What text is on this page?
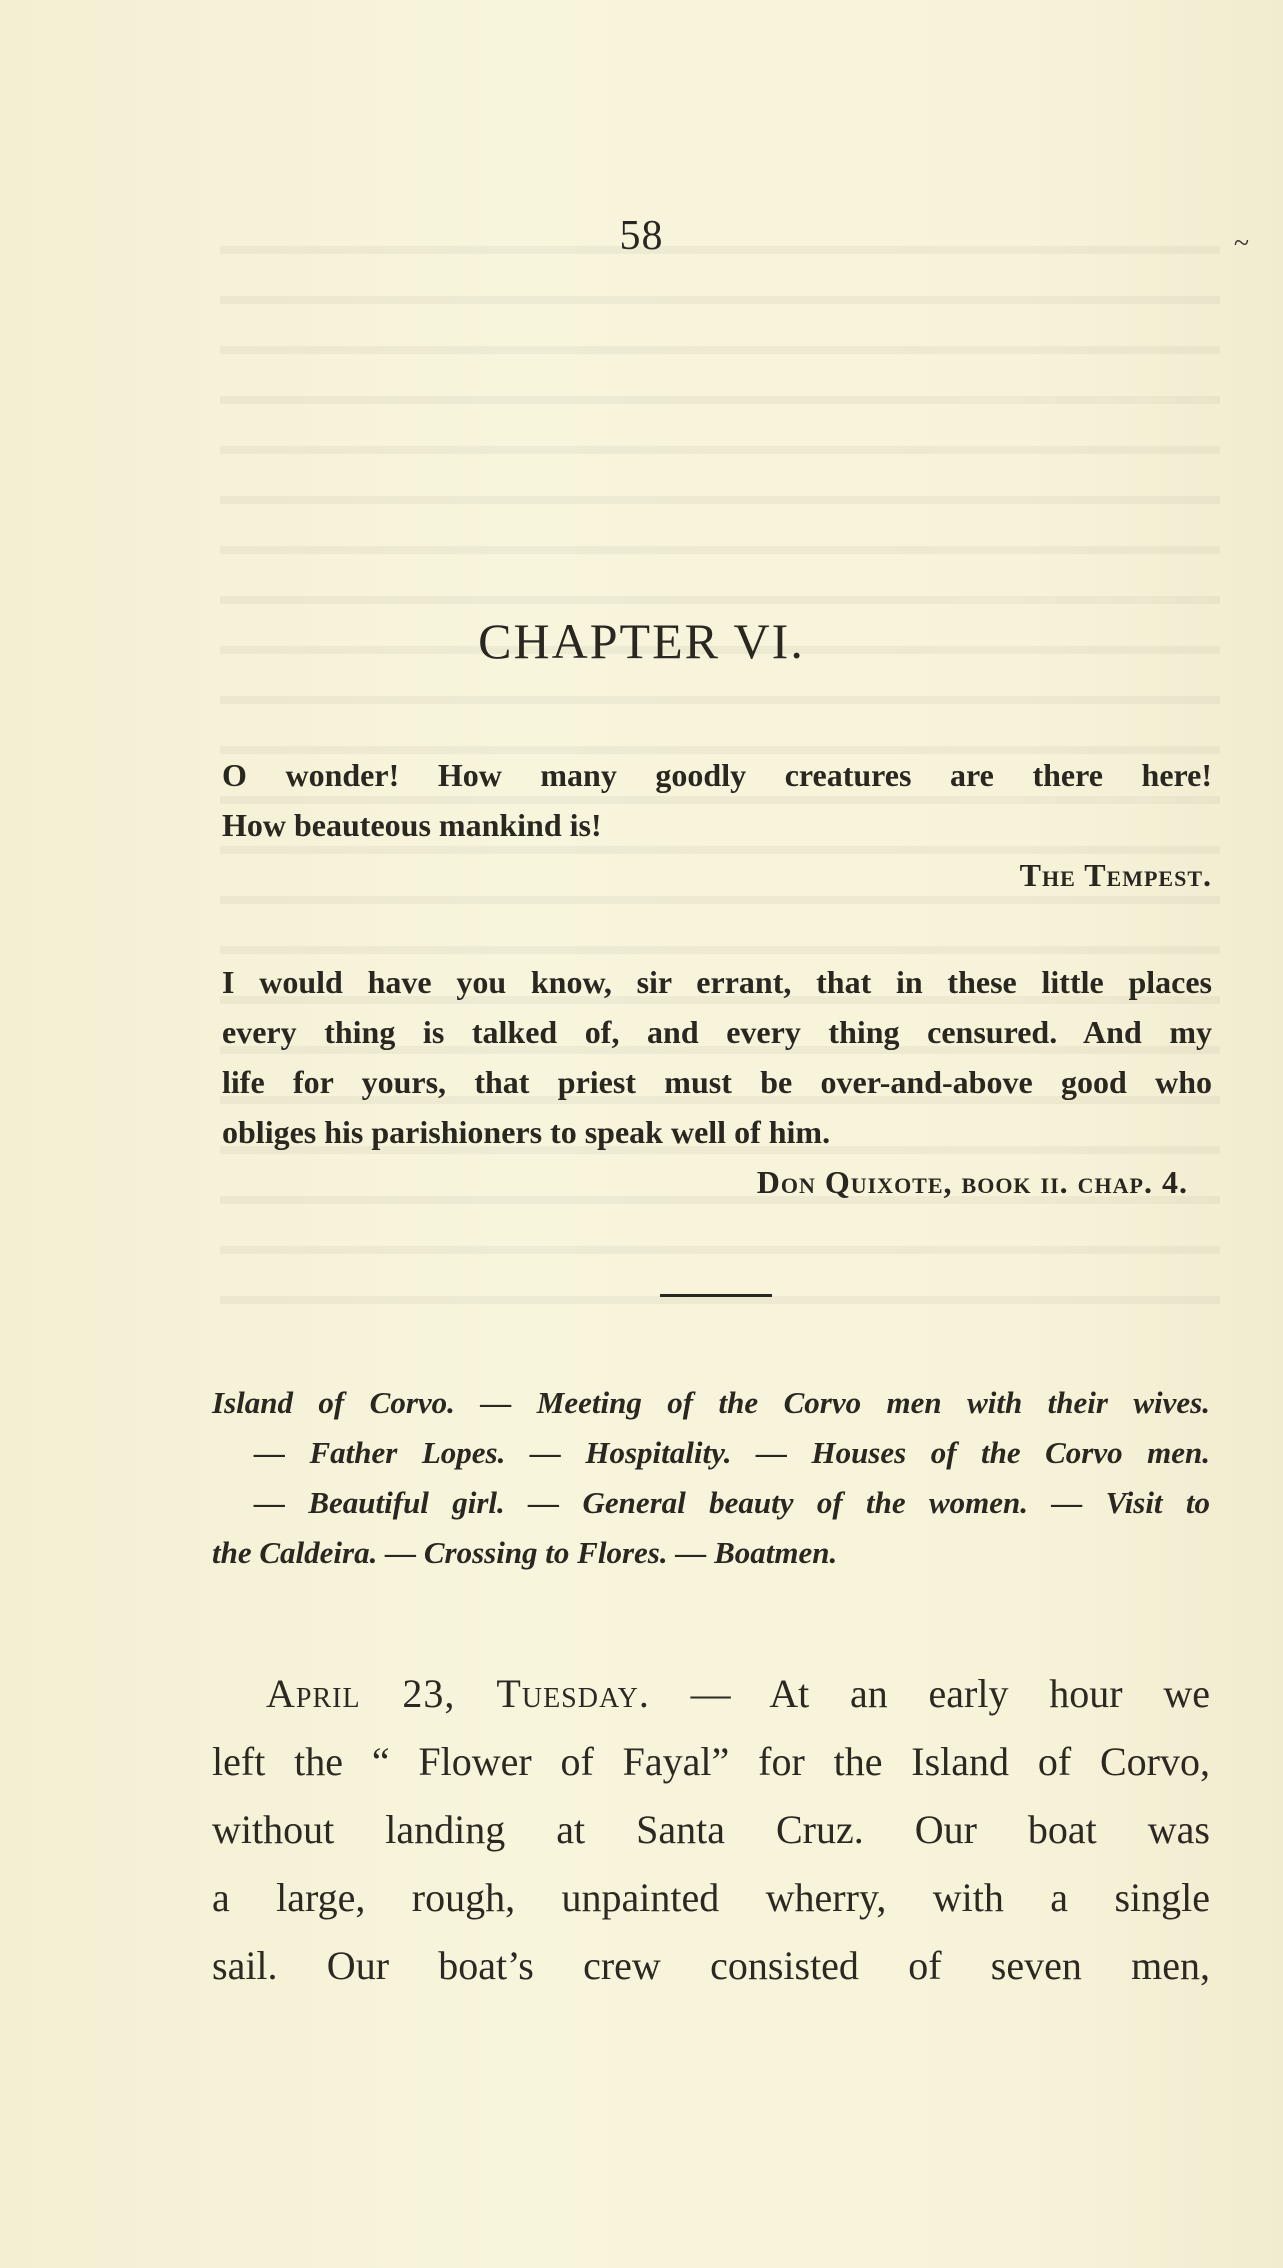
58	~
CHAPTER VI.
O wonder! How many goodly creatures are there here!
How beauteous mankind is!
The Tempest.
I would have you know, sir errant, that in these little places
every thing is talked of, and every thing censured. And my
life for yours, that priest must be over-and-above good who
obliges his parishioners to speak well of him.
Don Quixote, book ii. chap. 4.
Island of Corvo. — Meeting of the Corvo men with their wives.
— Father Lopes. — Hospitality. — Houses of the Corvo men.
— Beautiful girl. — General beauty of the women. — Visit to
the Caldeira. — Crossing to Flores. — Boatmen.
April 23, Tuesday. — At an early hour we
left the “ Flower of Fayal” for the Island of Corvo,
without landing at Santa Cruz. Our boat was
a large, rough, unpainted wherry, with a single
sail. Our boat’s crew consisted of seven men,
